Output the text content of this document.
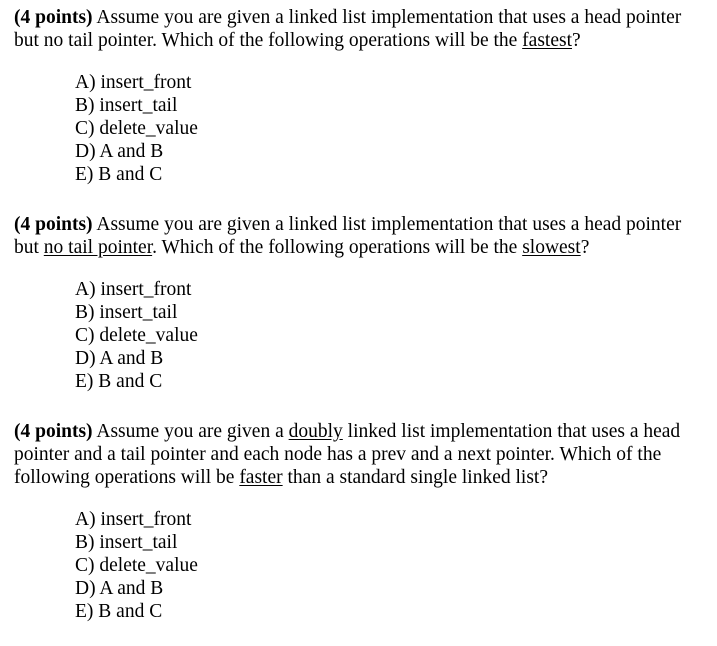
(4 points) Assume you are given a linked list implementation that uses a head pointer but no tail pointer. Which of the following operations will be the fastest?

A) insert_front
B) insert_tail
C) delete_value
D) A and B
E) B and C

(4 points) Assume you are given a linked list implementation that uses a head pointer but no tail pointer. Which of the following operations will be the slowest?

A) insert_front
B) insert_tail
C) delete_value
D) A and B
E) B and C

(4 points) Assume you are given a doubly linked list implementation that uses a head pointer and a tail pointer and each node has a prev and a next pointer. Which of the following operations will be faster than a standard single linked list?

A) insert_front
B) insert_tail
C) delete_value
D) A and B
E) B and C
